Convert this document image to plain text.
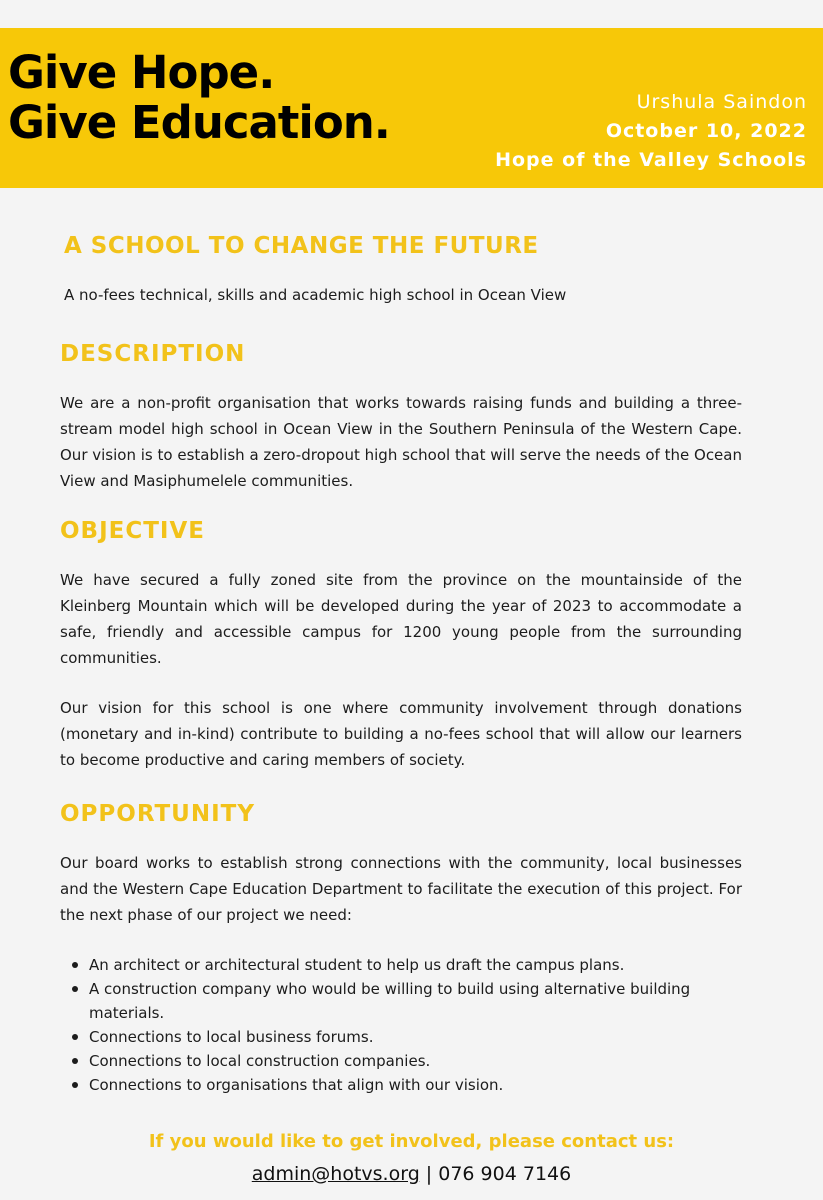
Give Hope.
Give Education.	Urshula Saindon
October 10, 2022
Hope of the Valley Schools
A SCHOOL TO CHANGE THE FUTURE
A no-fees technical, skills and academic high school in Ocean View
DESCRIPTION

We are a non-profit organisation that works towards raising funds and building a three-stream model high school in Ocean View in the Southern Peninsula of the Western Cape. Our vision is to establish a zero-dropout high school that will serve the needs of the Ocean View and Masiphumelele communities.

OBJECTIVE

We have secured a fully zoned site from the province on the mountainside of the Kleinberg Mountain which will be developed during the year of 2023 to accommodate a safe, friendly and accessible campus for 1200 young people from the surrounding communities.

Our vision for this school is one where community involvement through donations (monetary and in-kind) contribute to building a no-fees school that will allow our learners to become productive and caring members of society.

OPPORTUNITY

Our board works to establish strong connections with the community, local businesses and the Western Cape Education Department to facilitate the execution of this project. For the next phase of our project we need:

An architect or architectural student to help us draft the campus plans.
A construction company who would be willing to build using alternative building materials.
Connections to local business forums.
Connections to local construction companies.
Connections to organisations that align with our vision.
If you would like to get involved, please contact us:
admin@hotvs.org | 076 904 7146
